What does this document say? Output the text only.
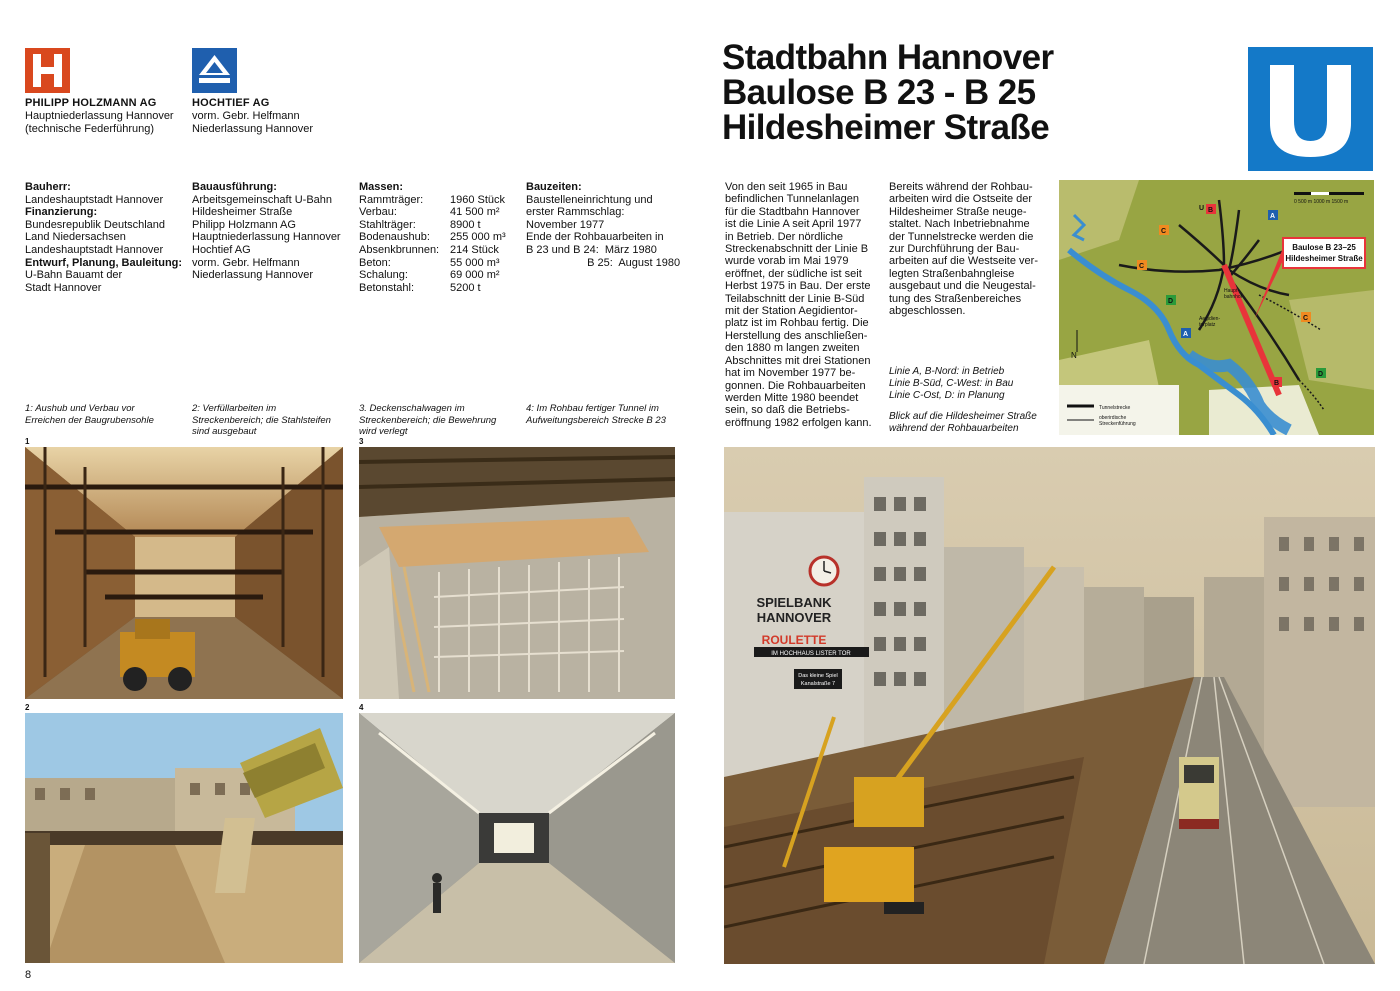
PHILIPP HOLZMANN AG
Hauptniederlassung Hannover
(technische Federführung)
HOCHTIEF AG
vorm. Gebr. Helfmann
Niederlassung Hannover
Bauherr:
Landeshauptstadt Hannover
Finanzierung:
Bundesrepublik Deutschland
Land Niedersachsen
Landeshauptstadt Hannover
Entwurf, Planung, Bauleitung:
U-Bahn Bauamt der
Stadt Hannover
Bauausführung:
Arbeitsgemeinschaft U-Bahn
Hildesheimer Straße
Philipp Holzmann AG
Hauptniederlassung Hannover
Hochtief AG
vorm. Gebr. Helfmann
Niederlassung Hannover
Massen:
Rammträger:	1960 Stück
Verbau:	41 500 m²
Stahlträger:	8900 t
Bodenaushub:	255 000 m³
Absenkbrunnen:	214 Stück
Beton:	55 000 m³
Schalung:	69 000 m²
Betonstahl:	5200 t
Bauzeiten:
Baustelleneinrichtung und
erster Rammschlag:
November 1977
Ende der Rohbauarbeiten in
B 23 und B 24:  März 1980
B 25:  August 1980
1: Aushub und Verbau vor Erreichen der Baugrubensohle
2: Verfüllarbeiten im Streckenbereich; die Stahlsteifen sind ausgebaut
3. Deckenschalwagen im Streckenbereich; die Bewehrung wird verlegt
4: Im Rohbau fertiger Tunnel im Aufweitungsbereich Strecke B 23
1
2
3
4
Stadtbahn Hannover
Baulose B 23 - B 25
Hildesheimer Straße
Von den seit 1965 in Bau
befindlichen Tunnelanlagen
für die Stadtbahn Hannover
ist die Linie A seit April 1977
in Betrieb. Der nördliche
Streckenabschnitt der Linie B
wurde vorab im Mai 1979
eröffnet, der südliche ist seit
Herbst 1975 in Bau. Der erste
Teilabschnitt der Linie B-Süd
mit der Station Aegidientor-
platz ist im Rohbau fertig. Die
Herstellung des anschließen-
den 1880 m langen zweiten
Abschnittes mit drei Stationen
hat im November 1977 be-
gonnen. Die Rohbauarbeiten
werden Mitte 1980 beendet
sein, so daß die Betriebs-
eröffnung 1982 erfolgen kann.
Bereits während der Rohbau-
arbeiten wird die Ostseite der
Hildesheimer Straße neuge-
staltet. Nach Inbetriebnahme
der Tunnelstrecke werden die
zur Durchführung der Bau-
arbeiten auf die Westseite ver-
legten Straßenbahngleise
ausgebaut und die Neugestal-
tung des Straßenbereiches
abgeschlossen.
Linie A, B-Nord: in Betrieb
Linie B-Süd, C-West: in Bau
Linie C-Ost, D: in Planung
Blick auf die Hildesheimer Straße
während der Rohbauarbeiten
Baulose B 23–25
Hildesheimer Straße
0 500 m 1000 m 1500 m
N
B
A
C
C
D
A
C
B
D
U
Haupt-
bahnhof
Aegidien-
torplatz
Tunnelstrecke
oberirdische
Streckenführung
SPIELBANK
HANNOVER
ROULETTE
IM HOCHHAUS LISTER TOR
Das kleine Spiel
Kanalstraße 7
8
